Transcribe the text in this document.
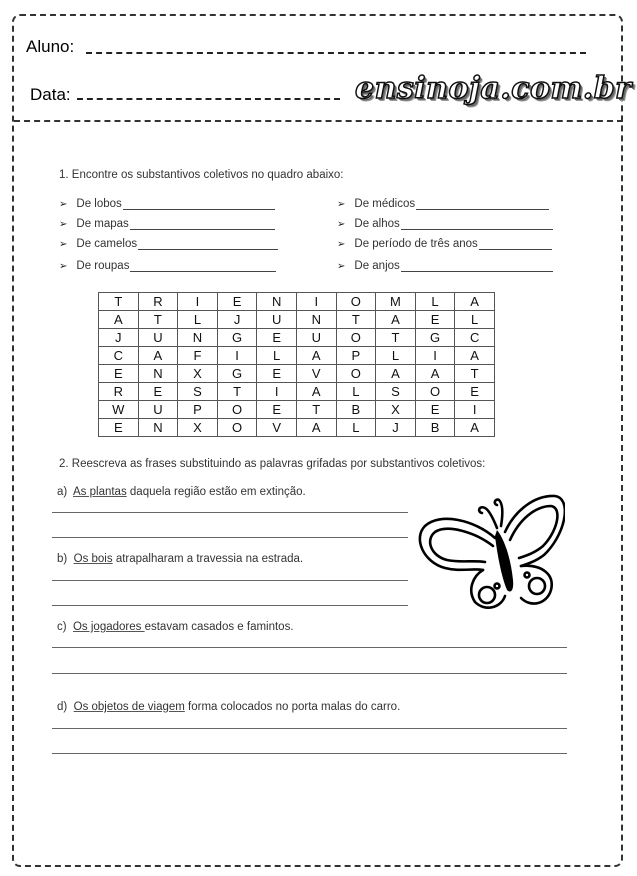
Aluno:
Data:	ensinoja.com.br
1. Encontre os substantivos coletivos no quadro abaixo:
➢ De lobos
➢ De mapas
➢ De camelos
➢ De roupas
➢ De médicos
➢ De alhos
➢ De período de três anos
➢ De anjos
T	R	I	E	N	I	O	M	L	A
A	T	L	J	U	N	T	A	E	L
J	U	N	G	E	U	O	T	G	C
C	A	F	I	L	A	P	L	I	A
E	N	X	G	E	V	O	A	A	T
R	E	S	T	I	A	L	S	O	E
W	U	P	O	E	T	B	X	E	I
E	N	X	O	V	A	L	J	B	A
2. Reescreva as frases substituindo as palavras grifadas por substantivos coletivos:
a) As plantas daquela região estão em extinção.
b) Os bois atrapalharam a travessia na estrada.
c) Os jogadores estavam casados e famintos.
d) Os objetos de viagem forma colocados no porta malas do carro.
